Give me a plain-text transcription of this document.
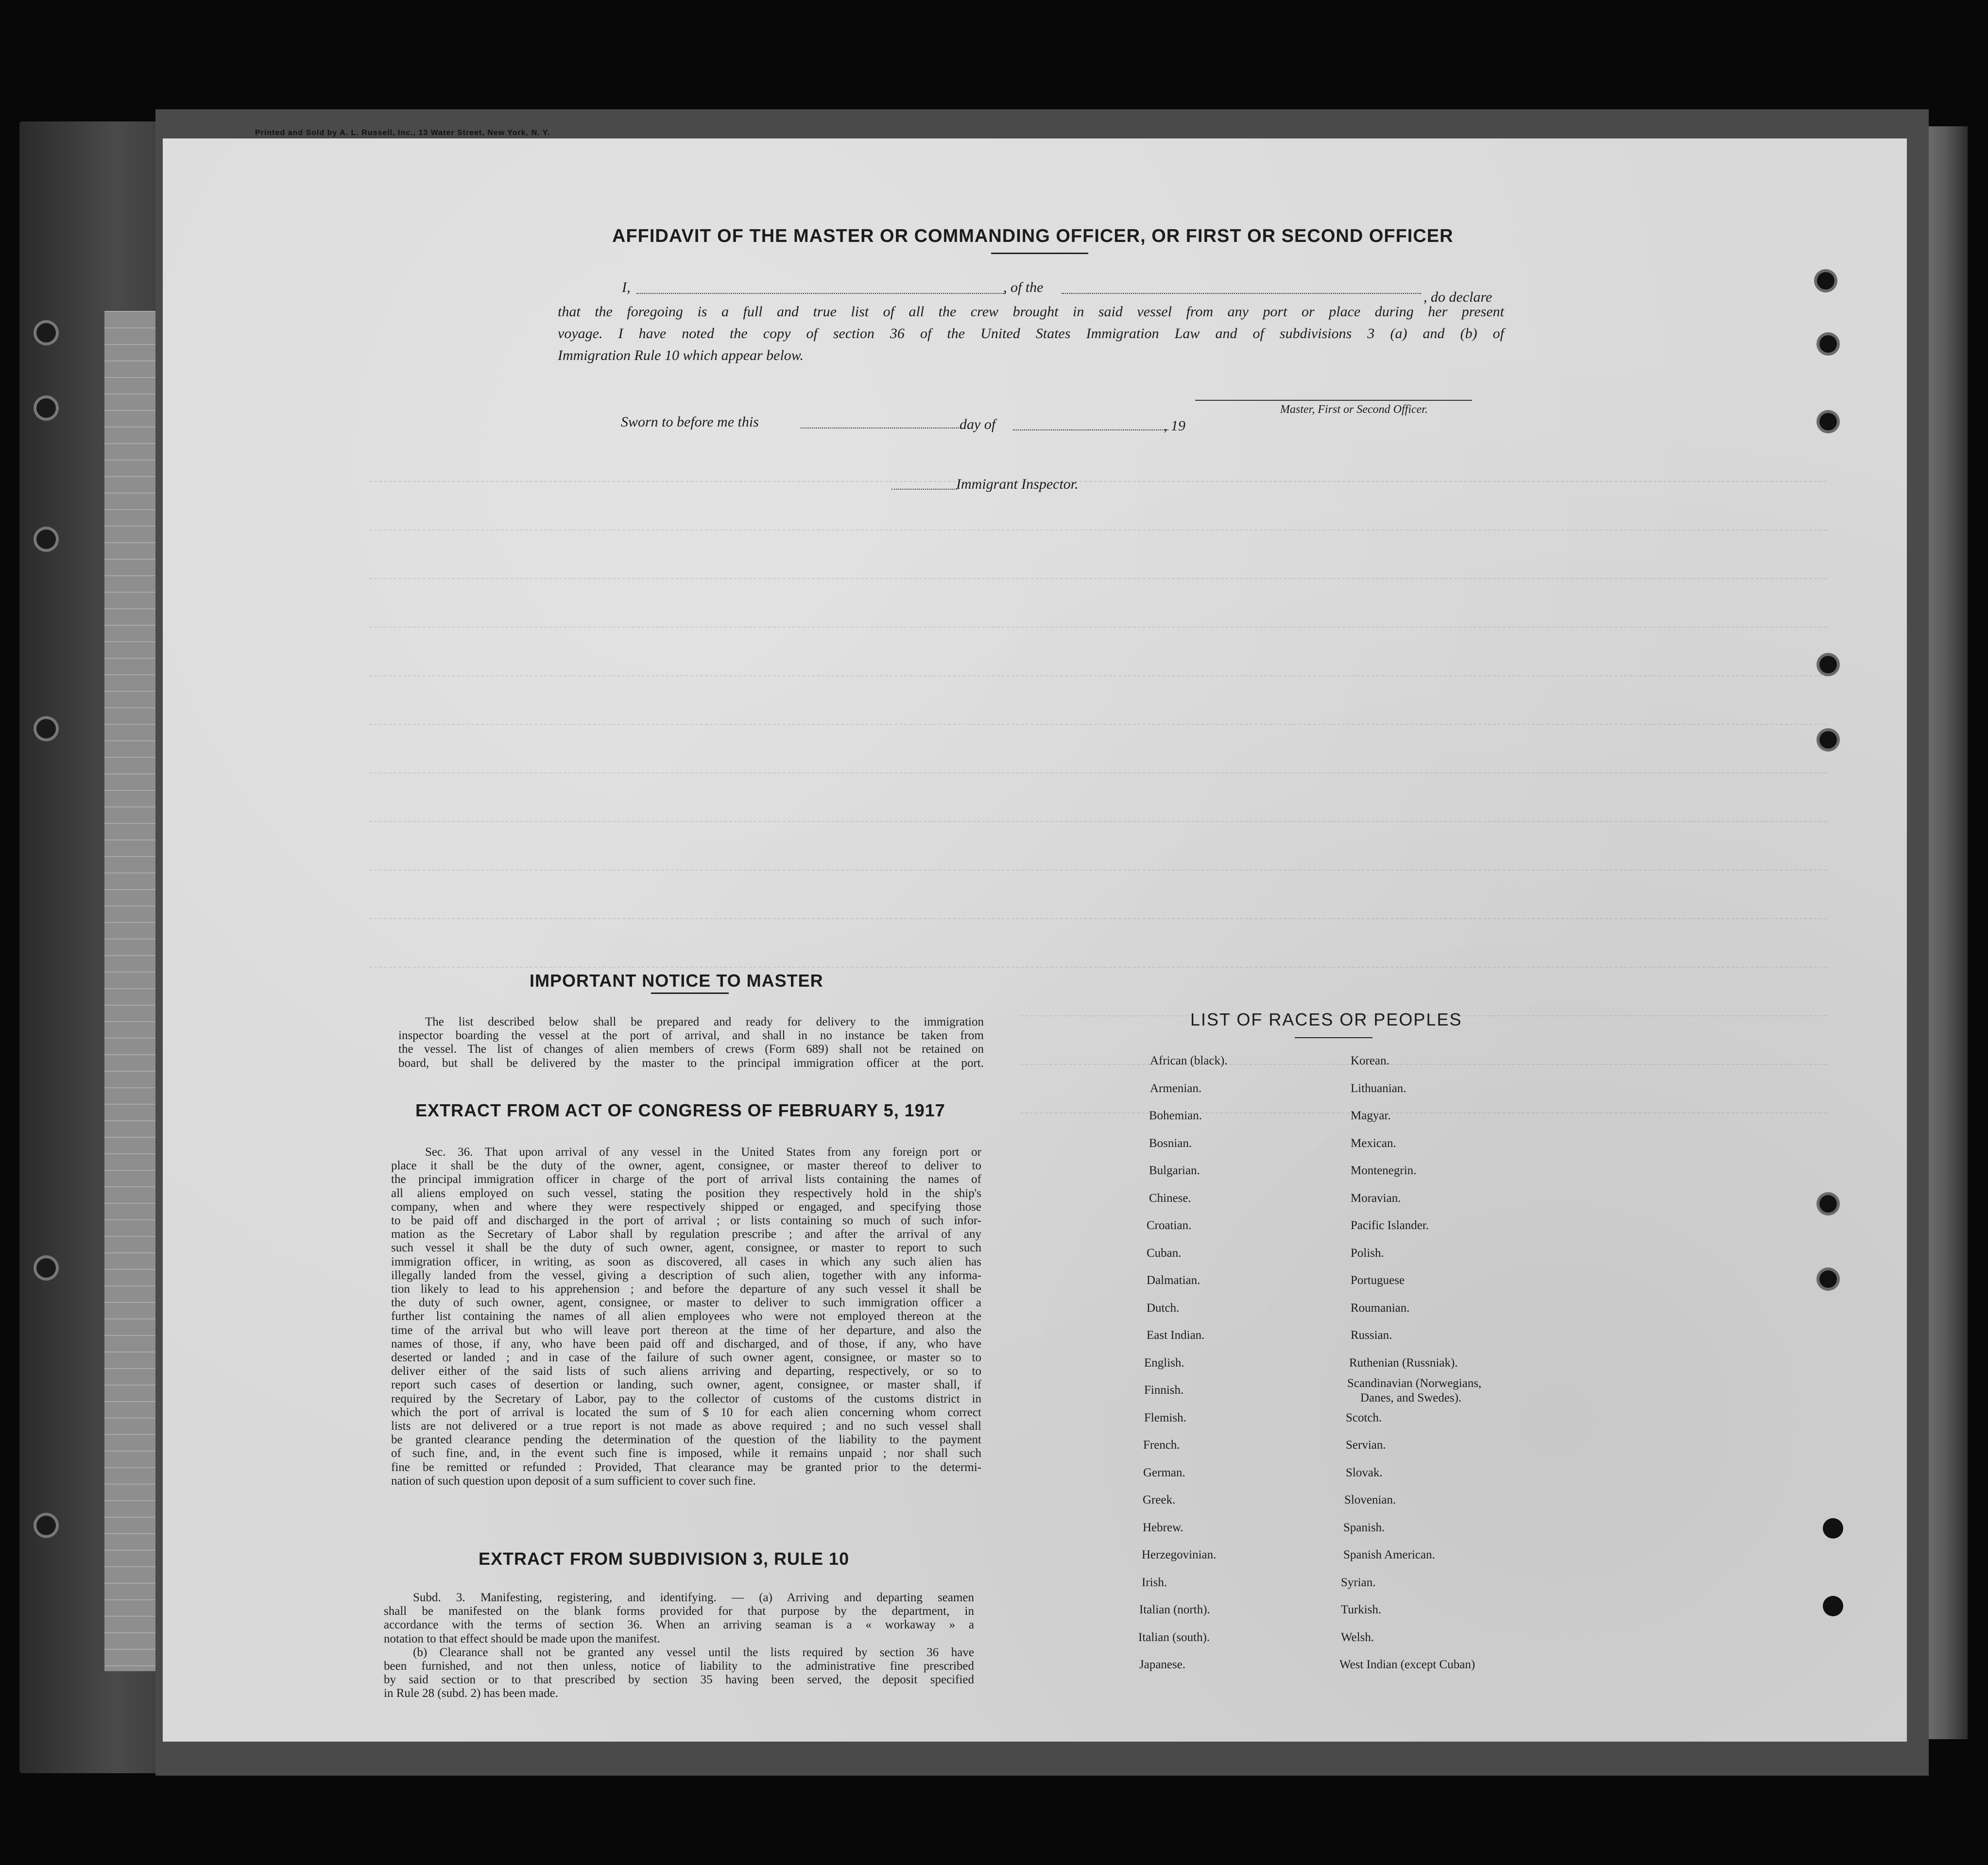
Printed and Sold by A. L. Russell, Inc., 13 Water Street, New York, N. Y.
AFFIDAVIT OF THE MASTER OR COMMANDING OFFICER, OR FIRST OR SECOND OFFICER
I,	, of the
, do declare
that the foregoing is a full and true list of all the crew brought in said vessel from any port or place during her present
voyage. I have noted the copy of section 36 of the United States Immigration Law and of subdivisions 3 (a) and (b) of
Immigration Rule 10 which appear below.
Master, First or Second Officer.
Sworn to before me this	day of	, 19
Immigrant Inspector.
IMPORTANT NOTICE TO MASTER
The list described below shall be prepared and ready for delivery to the immigration
inspector boarding the vessel at the port of arrival, and shall in no instance be taken from
the vessel. The list of changes of alien members of crews (Form 689) shall not be retained on
board, but shall be delivered by the master to the principal immigration officer at the port.
EXTRACT FROM ACT OF CONGRESS OF FEBRUARY 5, 1917
Sec. 36. That upon arrival of any vessel in the United States from any foreign port or
place it shall be the duty of the owner, agent, consignee, or master thereof to deliver to
the principal immigration officer in charge of the port of arrival lists containing the names of
all aliens employed on such vessel, stating the position they respectively hold in the ship's
company, when and where they were respectively shipped or engaged, and specifying those
to be paid off and discharged in the port of arrival ; or lists containing so much of such infor-
mation as the Secretary of Labor shall by regulation prescribe ; and after the arrival of any
such vessel it shall be the duty of such owner, agent, consignee, or master to report to such
immigration officer, in writing, as soon as discovered, all cases in which any such alien has
illegally landed from the vessel, giving a description of such alien, together with any informa-
tion likely to lead to his apprehension ; and before the departure of any such vessel it shall be
the duty of such owner, agent, consignee, or master to deliver to such immigration officer a
further list containing the names of all alien employees who were not employed thereon at the
time of the arrival but who will leave port thereon at the time of her departure, and also the
names of those, if any, who have been paid off and discharged, and of those, if any, who have
deserted or landed ; and in case of the failure of such owner agent, consignee, or master so to
deliver either of the said lists of such aliens arriving and departing, respectively, or so to
report such cases of desertion or landing, such owner, agent, consignee, or master shall, if
required by the Secretary of Labor, pay to the collector of customs of the customs district in
which the port of arrival is located the sum of $ 10 for each alien concerning whom correct
lists are not delivered or a true report is not made as above required ; and no such vessel shall
be granted clearance pending the determination of the question of the liability to the payment
of such fine, and, in the event such fine is imposed, while it remains unpaid ; nor shall such
fine be remitted or refunded : Provided, That clearance may be granted prior to the determi-
nation of such question upon deposit of a sum sufficient to cover such fine.
EXTRACT FROM SUBDIVISION 3, RULE 10
Subd. 3. Manifesting, registering, and identifying. — (a) Arriving and departing seamen
shall be manifested on the blank forms provided for that purpose by the department, in
accordance with the terms of section 36. When an arriving seaman is a « workaway » a
notation to that effect should be made upon the manifest.
(b) Clearance shall not be granted any vessel until the lists required by section 36 have
been furnished, and not then unless, notice of liability to the administrative fine prescribed
by said section or to that prescribed by section 35 having been served, the deposit specified
in Rule 28 (subd. 2) has been made.
LIST OF RACES OR PEOPLES
African (black).
Armenian.
Bohemian.
Bosnian.
Bulgarian.
Chinese.
Croatian.
Cuban.
Dalmatian.
Dutch.
East Indian.
English.
Finnish.
Flemish.
French.
German.
Greek.
Hebrew.
Herzegovinian.
Irish.
Italian (north).
Italian (south).
Japanese.
Korean.
Lithuanian.
Magyar.
Mexican.
Montenegrin.
Moravian.
Pacific Islander.
Polish.
Portuguese
Roumanian.
Russian.
Ruthenian (Russniak).
Scandinavian (Norwegians,
Scotch.
Servian.
Slovak.
Slovenian.
Spanish.
Spanish American.
Syrian.
Turkish.
Welsh.
West Indian (except Cuban)
Danes, and Swedes).
